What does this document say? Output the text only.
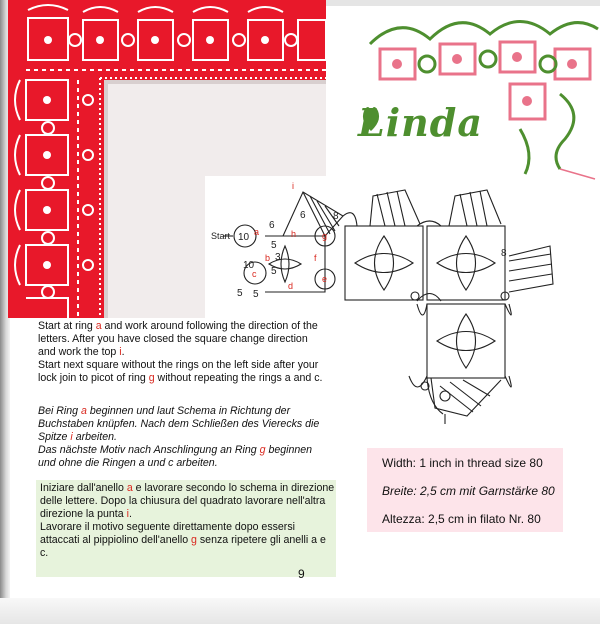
Linda
Start 10
6
6	8
5
3
10
5
5 5
8
a
b
c
d
e
f
g
h
i

Start at ring a and work around following the direction of the letters. After you have closed the square change direction and work the top i.

Start next square without the rings on the left side after your lock join to picot of ring g without repeating the rings a and c.

Bei Ring a beginnen und laut Schema in Richtung der Buchstaben knüpfen. Nach dem Schließen des Vierecks die Spitze i arbeiten.

Das nächste Motiv nach Anschlingung an Ring g beginnen und ohne die Ringen a und c arbeiten.

Iniziare dall'anello a e lavorare secondo lo schema in direzione delle lettere. Dopo la chiusura del quadrato lavorare nell'altra direzione la punta i.

Lavorare il motivo seguente direttamente dopo essersi attaccati al pippiolino dell'anello g senza ripetere gli anelli a e c.

Width: 1 inch in thread size 80
Breite: 2,5 cm mit Garnstärke 80
Altezza: 2,5 cm in filato Nr. 80
9
